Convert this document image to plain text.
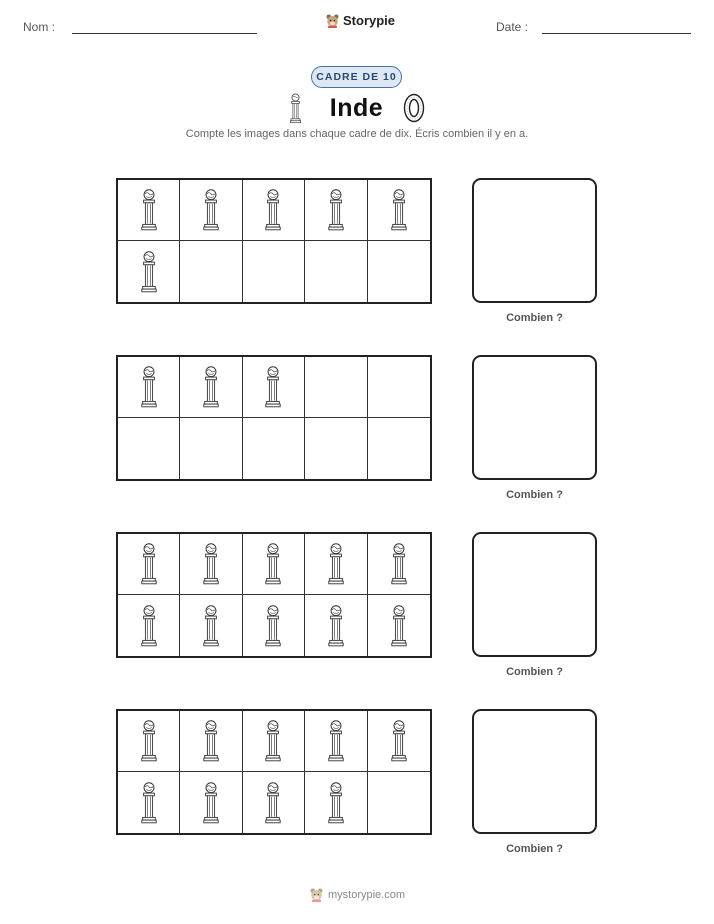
Nom :	Storypie	Date :
CADRE DE 10
Inde
Compte les images dans chaque cadre de dix. Écris combien il y en a.
Combien ?
Combien ?
Combien ?
Combien ?
mystorypie.com
